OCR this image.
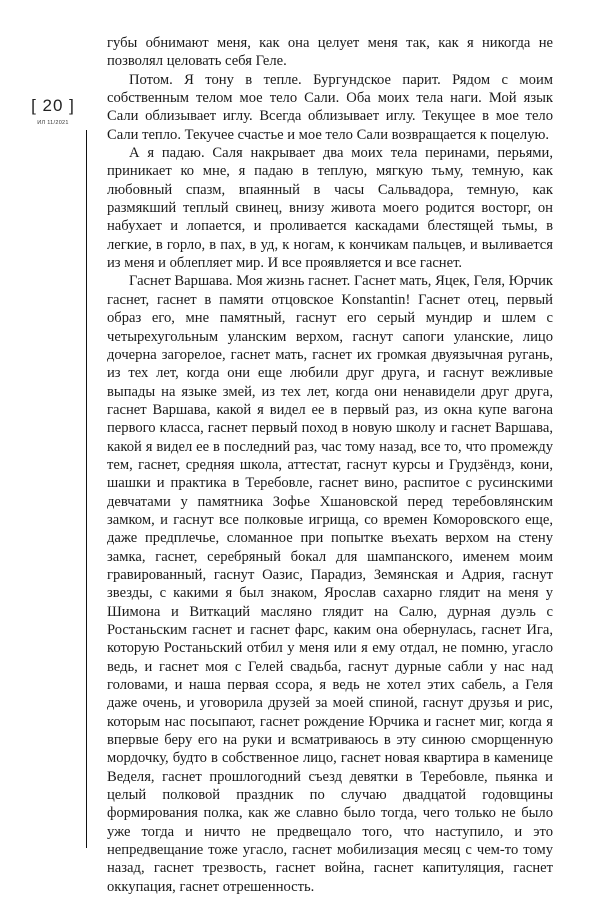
[ 20 ]
ИЛ 11/2021

губы обнимают меня, как она целует меня так, как я никогда не позволял целовать себя Геле.

Потом. Я тону в тепле. Бургундское парит. Рядом с моим собственным телом мое тело Сали. Оба моих тела наги. Мой язык Сали облизывает иглу. Всегда облизывает иглу. Текущее в мое тело Сали тепло. Текучее счастье и мое тело Сали возвращается к поцелую.

А я падаю. Саля накрывает два моих тела перинами, перьями, приникает ко мне, я падаю в теплую, мягкую тьму, темную, как любовный спазм, впаянный в часы Сальвадора, темную, как размякший теплый свинец, внизу живота моего родится восторг, он набухает и лопается, и проливается каскадами блестящей тьмы, в легкие, в горло, в пах, в уд, к ногам, к кончикам пальцев, и выливается из меня и облепляет мир. И все проявляется и все гаснет.

Гаснет Варшава. Моя жизнь гаснет. Гаснет мать, Яцек, Геля, Юрчик гаснет, гаснет в памяти отцовское Konstantin! Гаснет отец, первый образ его, мне памятный, гаснут его серый мундир и шлем с четырехугольным уланским верхом, гаснут сапоги уланские, лицо дочерна загорелое, гаснет мать, гаснет их громкая двуязычная ругань, из тех лет, когда они еще любили друг друга, и гаснут вежливые выпады на языке змей, из тех лет, когда они ненавидели друг друга, гаснет Варшава, какой я видел ее в первый раз, из окна купе вагона первого класса, гаснет первый поход в новую школу и гаснет Варшава, какой я видел ее в последний раз, час тому назад, все то, что промежду тем, гаснет, средняя школа, аттестат, гаснут курсы и Грудзёндз, кони, шашки и практика в Теребовле, гаснет вино, распитое с русинскими девчатами у памятника Зофье Хшановской перед теребовлянским замком, и гаснут все полковые игрища, со времен Коморовского еще, даже предплечье, сломанное при попытке въехать верхом на стену замка, гаснет, серебряный бокал для шампанского, именем моим гравированный, гаснут Оазис, Парадиз, Земянская и Адрия, гаснут звезды, с какими я был знаком, Ярослав сахарно глядит на меня у Шимона и Виткаций масляно глядит на Салю, дурная дуэль с Ростаньским гаснет и гаснет фарс, каким она обернулась, гаснет Ига, которую Ростаньский отбил у меня или я ему отдал, не помню, угасло ведь, и гаснет моя с Гелей свадьба, гаснут дурные сабли у нас над головами, и наша первая ссора, я ведь не хотел этих сабель, а Геля даже очень, и уговорила друзей за моей спиной, гаснут друзья и рис, которым нас посыпают, гаснет рождение Юрчика и гаснет миг, когда я впервые беру его на руки и всматриваюсь в эту синюю сморщенную мордочку, будто в собственное лицо, гаснет новая квартира в каменице Веделя, гаснет прошлогодний съезд девятки в Теребовле, пьянка и целый полковой праздник по случаю двадцатой годовщины формирования полка, как же славно было тогда, чего только не было уже тогда и ничто не предвещало того, что наступило, и это непредвещание тоже угасло, гаснет мобилизация месяц с чем-то тому назад, гаснет трезвость, гаснет война, гаснет капитуляция, гаснет оккупация, гаснет отрешенность.
